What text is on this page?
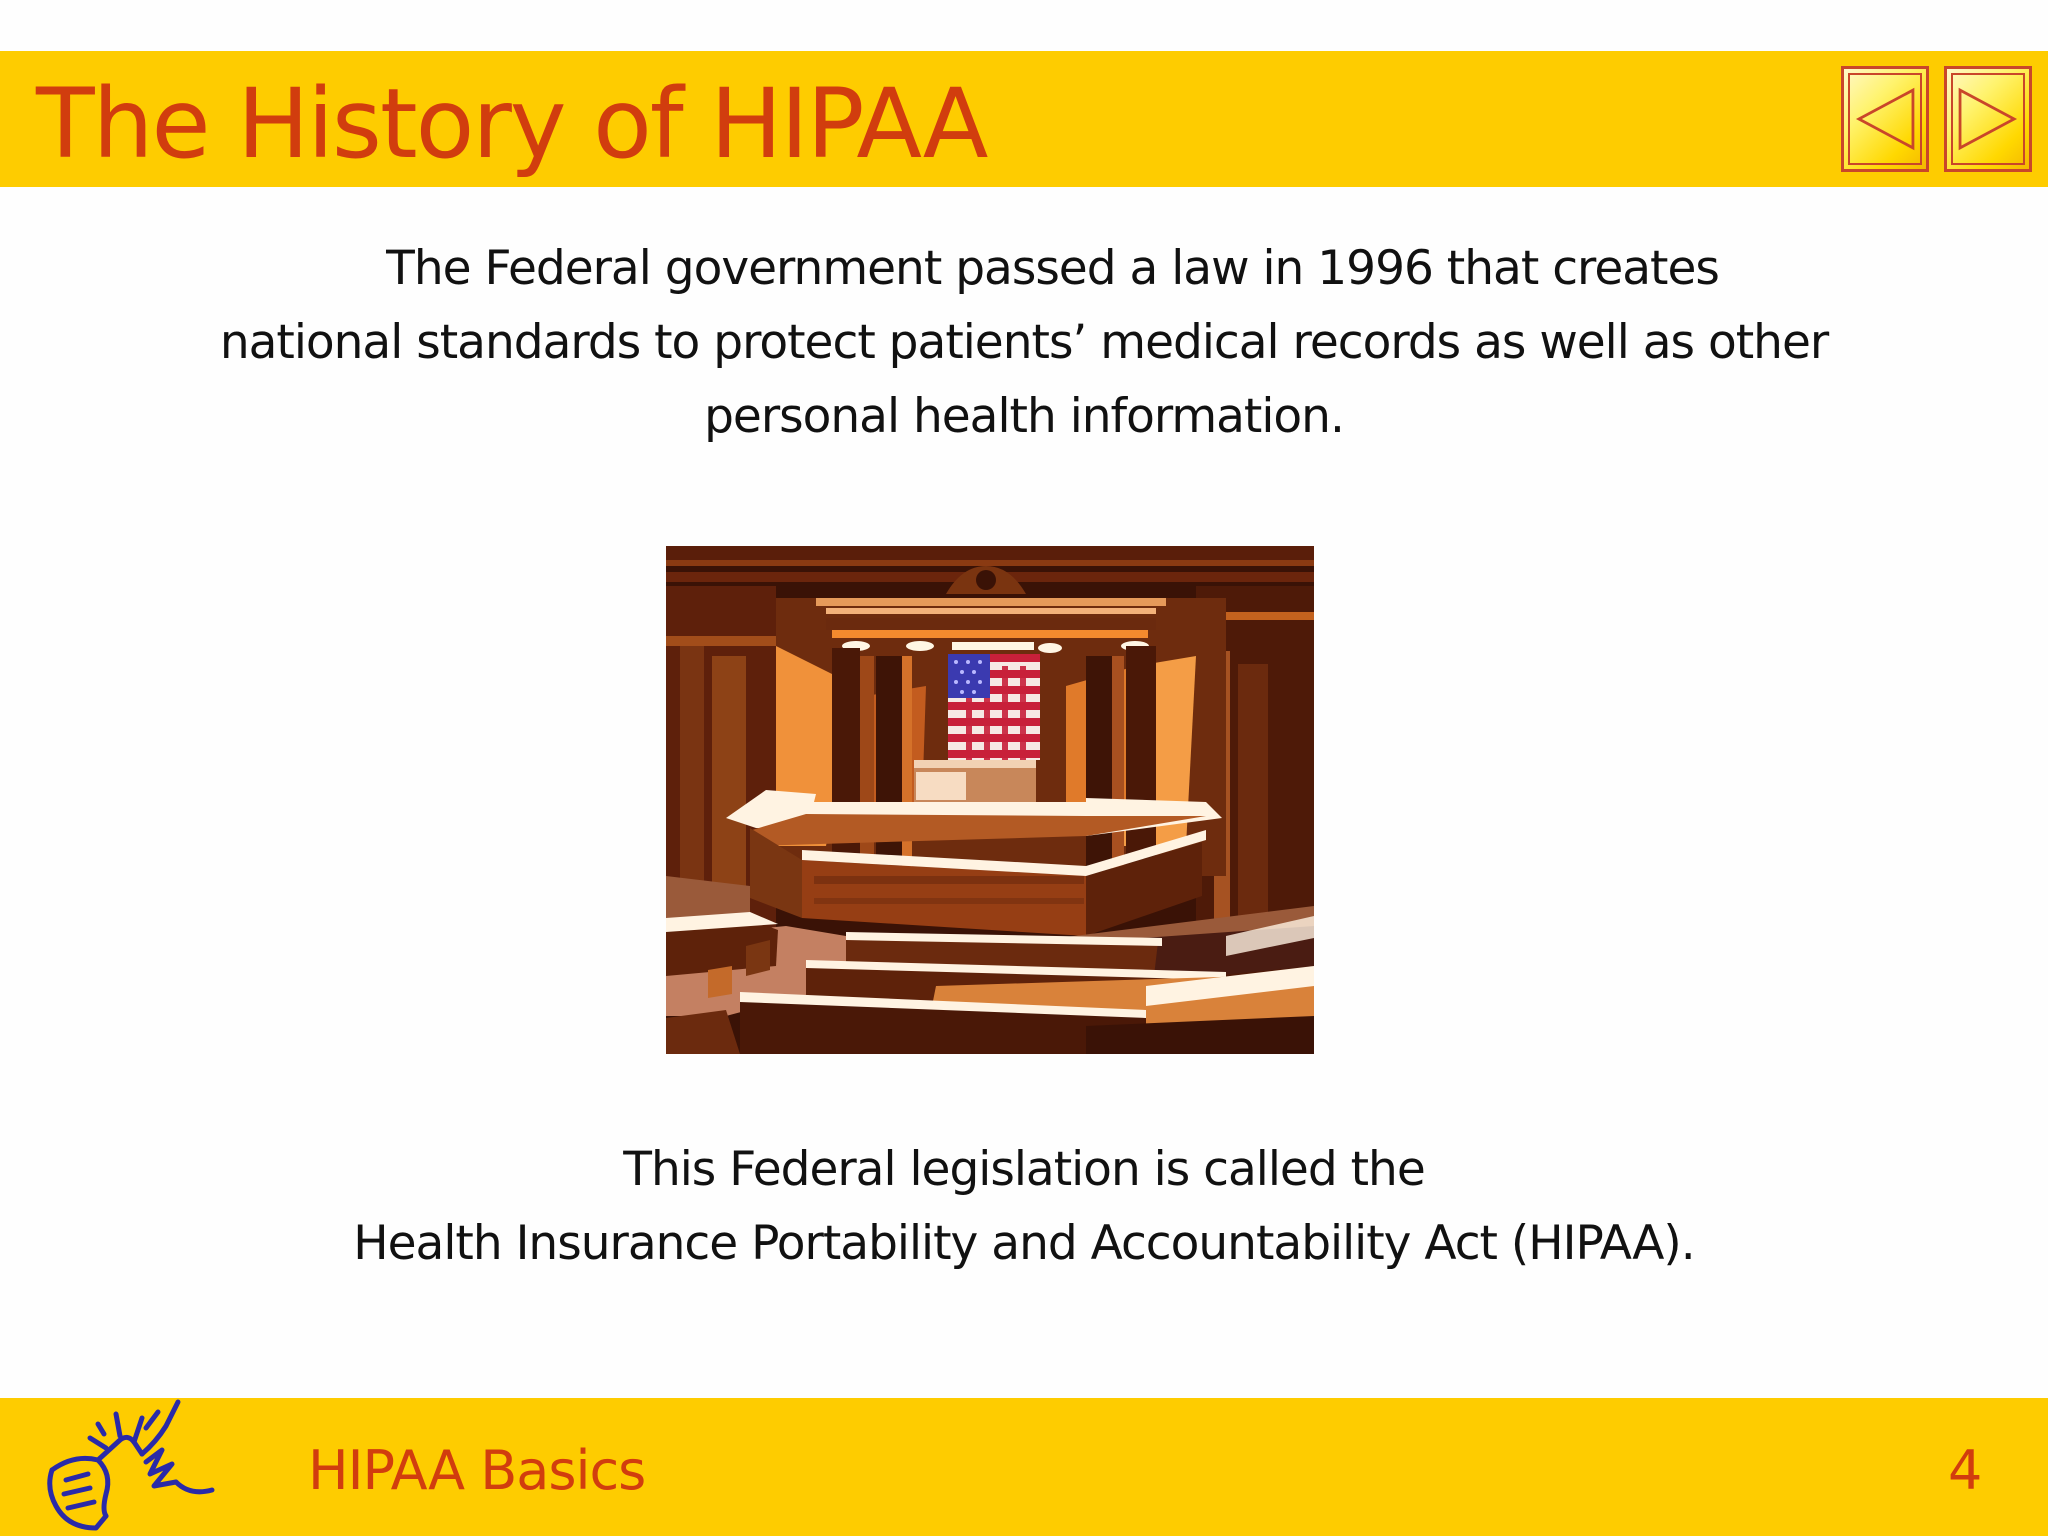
The History of HIPAA
The Federal government passed a law in 1996 that creates
national standards to protect patients’ medical records as well as other
personal health information.
This Federal legislation is called the
Health Insurance Portability and Accountability Act (HIPAA).
HIPAA Basics	4
